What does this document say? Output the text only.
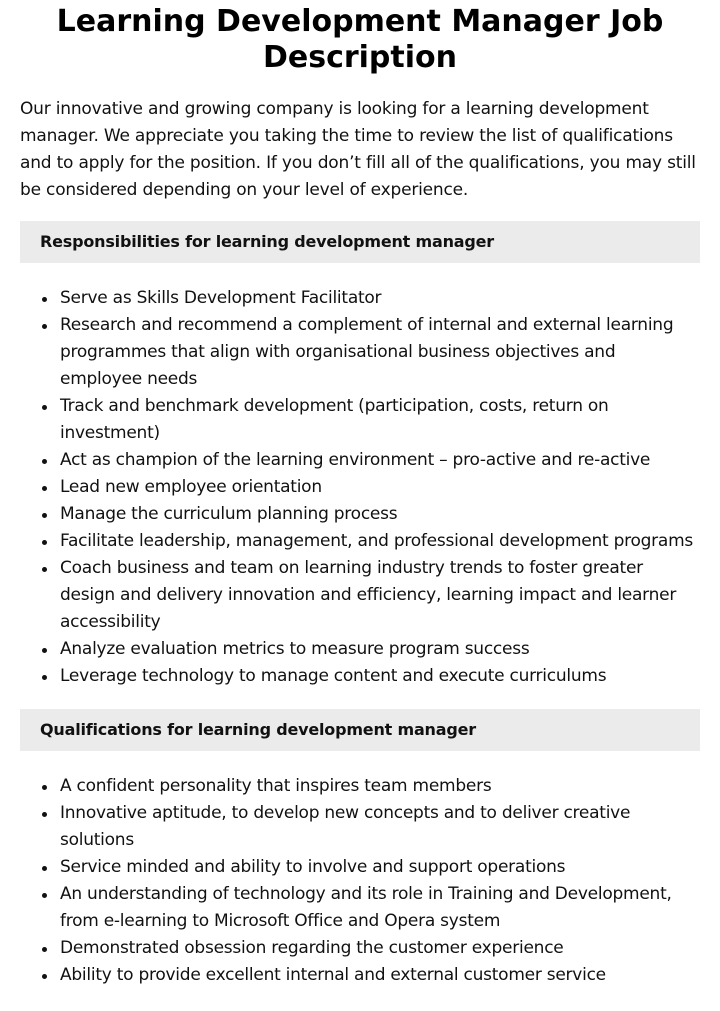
Learning Development Manager Job Description

Our innovative and growing company is looking for a learning development manager. We appreciate you taking the time to review the list of qualifications and to apply for the position. If you don’t fill all of the qualifications, you may still be considered depending on your level of experience.

Responsibilities for learning development manager
Serve as Skills Development Facilitator
Research and recommend a complement of internal and external learning programmes that align with organisational business objectives and employee needs
Track and benchmark development (participation, costs, return on investment)
Act as champion of the learning environment – pro-active and re-active
Lead new employee orientation
Manage the curriculum planning process
Facilitate leadership, management, and professional development programs
Coach business and team on learning industry trends to foster greater design and delivery innovation and efficiency, learning impact and learner accessibility
Analyze evaluation metrics to measure program success
Leverage technology to manage content and execute curriculums
Qualifications for learning development manager
A confident personality that inspires team members
Innovative aptitude, to develop new concepts and to deliver creative solutions
Service minded and ability to involve and support operations
An understanding of technology and its role in Training and Development, from e-learning to Microsoft Office and Opera system
Demonstrated obsession regarding the customer experience
Ability to provide excellent internal and external customer service
